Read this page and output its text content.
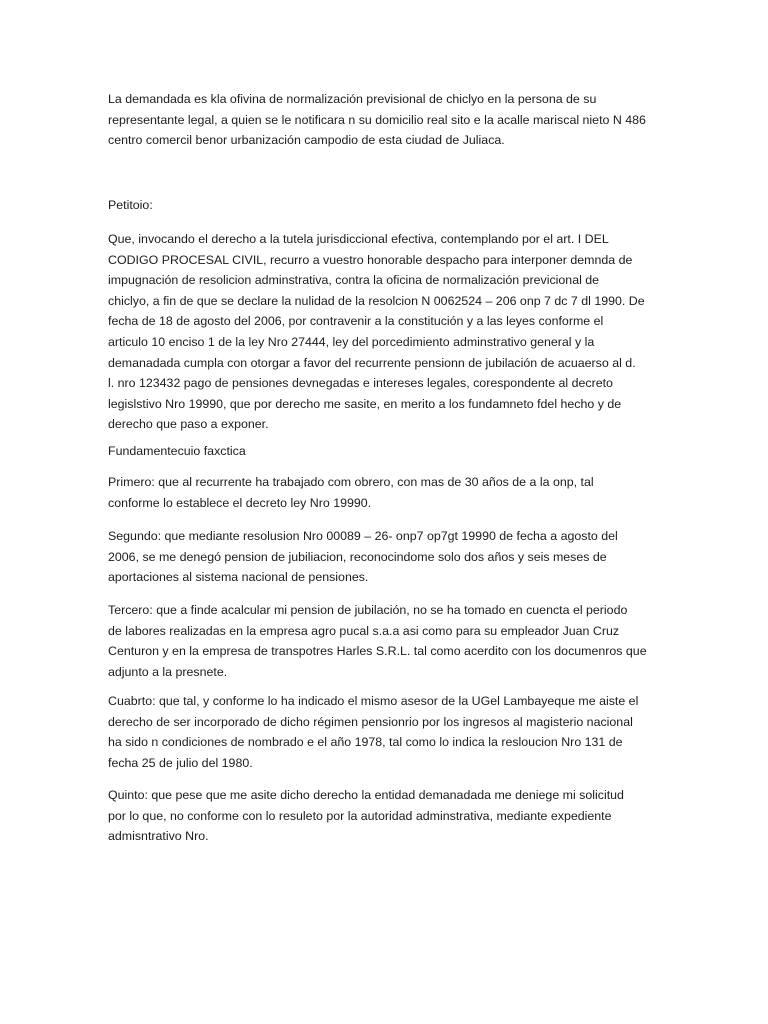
La demandada es kla ofivina de normalización previsional de chiclyo en la persona de su
representante legal, a quien se le notificara n su domicilio real sito e la acalle mariscal nieto N 486
centro comercil benor urbanización campodio de esta ciudad de Juliaca.

Petitoio:

Que, invocando el derecho a la tutela jurisdiccional efectiva, contemplando por el art. I DEL
CODIGO PROCESAL CIVIL, recurro a vuestro honorable despacho para interponer demnda de
impugnación de resolicion adminstrativa, contra la oficina de normalización previcional de
chiclyo, a fin de que se declare la nulidad de la resolcion N 0062524 – 206 onp 7 dc 7 dl 1990. De
fecha de 18 de agosto del 2006, por contravenir a la constitución y a las leyes conforme el
articulo 10 enciso 1 de la ley Nro 27444, ley del porcedimiento adminstrativo general y la
demanadada cumpla con otorgar a favor del recurrente pensionn de jubilación de acuaerso al d.
l. nro 123432 pago de pensiones devnegadas e intereses legales, corespondente al decreto
legislstivo Nro 19990, que por derecho me sasite, en merito a los fundamneto fdel hecho y de
derecho que paso a exponer.

Fundamentecuio faxctica

Primero: que al recurrente ha trabajado com obrero, con mas de 30 años de a la onp, tal
conforme lo establece el decreto ley Nro 19990.

Segundo: que mediante resolusion Nro 00089 – 26- onp7 op7gt 19990 de fecha a agosto del
2006, se me denegó pension de jubiliacion, reconocindome solo dos años y seis meses de
aportaciones al sistema nacional de pensiones.

Tercero: que a finde acalcular mi pension de jubilación, no se ha tomado en cuencta el periodo
de labores realizadas en la empresa agro pucal s.a.a asi como para su empleador Juan Cruz
Centuron y en la empresa de transpotres Harles S.R.L. tal como acerdito con los documenros que
adjunto a la presnete.

Cuabrto: que tal, y conforme lo ha indicado el mismo asesor de la UGel Lambayeque me aiste el
derecho de ser incorporado de dicho régimen pensionrio por los ingresos al magisterio nacional
ha sido n condiciones de nombrado e el año 1978, tal como lo indica la resloucion Nro 131 de
fecha 25 de julio del 1980.

Quinto: que pese que me asite dicho derecho la entidad demanadada me deniege mi solicitud
por lo que, no conforme con lo resuleto por la autoridad adminstrativa, mediante expediente
admisntrativo Nro.
